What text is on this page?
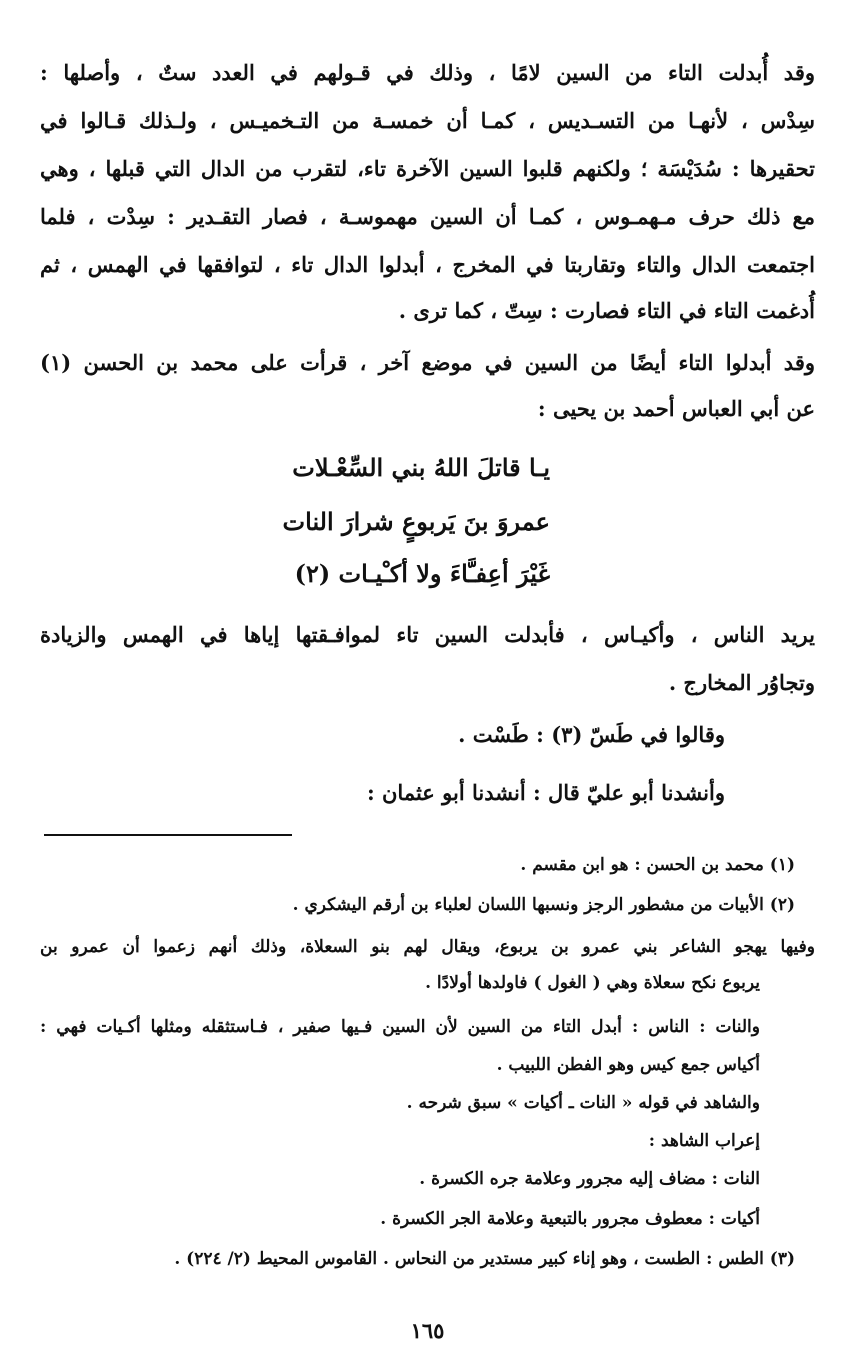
وقد أُبدلت التاء من السين لامًا ، وذلك في قـولهم في العدد ستٌ ، وأصلها :
سِدْس ، لأنهـا من التسـديس ، كمـا أن خمسـة من التـخميـس ، ولـذلك قـالوا في
تحقيرها : سُدَيْسَة ؛ ولكنهم قلبوا السين الآخرة تاء، لتقرب من الدال التي قبلها ، وهي
مع ذلك حرف مـهمـوس ، كمـا أن السين مهموسـة ، فصار التقـدير : سِدْت ، فلما
اجتمعت الدال والتاء وتقاربتا في المخرج ، أبدلوا الدال تاء ، لتوافقها في الهمس ، ثم
أُدغمت التاء في التاء فصارت : سِتّ ، كما ترى .
وقد أبدلوا التاء أيضًا من السين في موضع آخر ، قرأت على محمد بن الحسن (١)
عن أبي العباس أحمد بن يحيى :
يـا قاتلَ اللهُ بني السِّعْـلات
عمروَ بنَ يَربوعٍ شرارَ النات
غَيْرَ أعِفـَّاءَ ولا أكـْيـات (٢)
يريد الناس ، وأكيـاس ، فأبدلت السين تاء لموافـقتها إياها في الهمس والزيادة
وتجاوُر المخارج .
وقالوا في طَسّ (٣) : طَسْت .
وأنشدنا أبو عليّ قال : أنشدنا أبو عثمان :
(١) محمد بن الحسن : هو ابن مقسم .
(٢) الأبيات من مشطور الرجز ونسبها اللسان لعلباء بن أرقم اليشكري .
وفيها يهجو الشاعر بني عمرو بن يربوع، ويقال لهم بنو السعلاة، وذلك أنهم زعموا أن عمرو بن
يربوع نكح سعلاة وهي ( الغول ) فاولدها أولادًا .
والنات : الناس : أبدل التاء من السين لأن السين فـيها صفير ، فـاستثقله ومثلها أكـيات فهي :
أكياس جمع كيس وهو الفطن اللبيب .
والشاهد في قوله « النات ـ أكيات » سبق شرحه .
إعراب الشاهد :
النات : مضاف إليه مجرور وعلامة جره الكسرة .
أكيات : معطوف مجرور بالتبعية وعلامة الجر الكسرة .
(٣) الطس : الطست ، وهو إناء كبير مستدير من النحاس . القاموس المحيط (٢/ ٢٢٤) .
١٦٥
